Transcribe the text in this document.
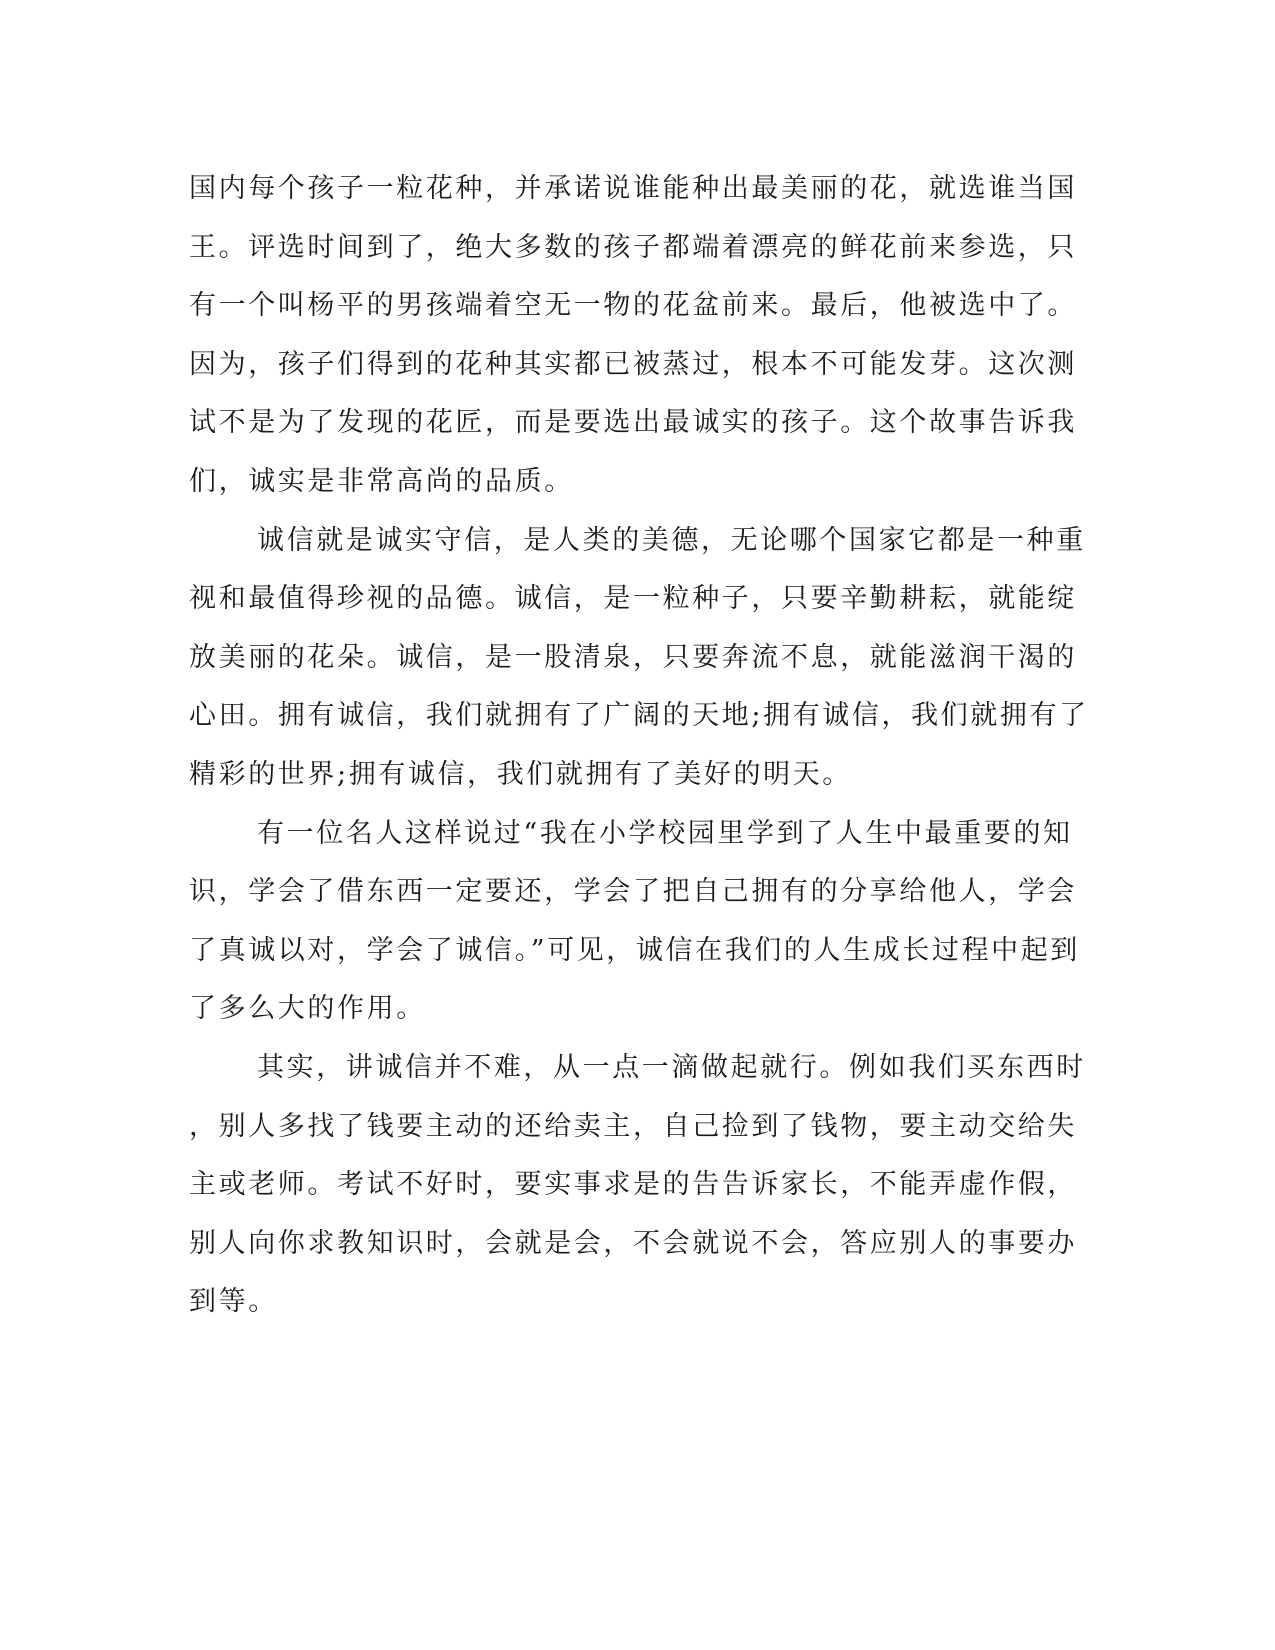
国内每个孩子一粒花种，并承诺说谁能种出最美丽的花，就选谁当国
王。评选时间到了，绝大多数的孩子都端着漂亮的鲜花前来参选，只
有一个叫杨平的男孩端着空无一物的花盆前来。最后，他被选中了。
因为，孩子们得到的花种其实都已被蒸过，根本不可能发芽。这次测
试不是为了发现的花匠，而是要选出最诚实的孩子。这个故事告诉我
们，诚实是非常高尚的品质。
诚信就是诚实守信，是人类的美德，无论哪个国家它都是一种重
视和最值得珍视的品德。诚信，是一粒种子，只要辛勤耕耘，就能绽
放美丽的花朵。诚信，是一股清泉，只要奔流不息，就能滋润干渴的
心田。拥有诚信，我们就拥有了广阔的天地;拥有诚信，我们就拥有了
精彩的世界;拥有诚信，我们就拥有了美好的明天。
有一位名人这样说过“我在小学校园里学到了人生中最重要的知
识，学会了借东西一定要还，学会了把自己拥有的分享给他人，学会
了真诚以对，学会了诚信。”可见，诚信在我们的人生成长过程中起到
了多么大的作用。
其实，讲诚信并不难，从一点一滴做起就行。例如我们买东西时
，别人多找了钱要主动的还给卖主，自己捡到了钱物，要主动交给失
主或老师。考试不好时，要实事求是的告告诉家长，不能弄虚作假，
别人向你求教知识时，会就是会，不会就说不会，答应别人的事要办
到等。
